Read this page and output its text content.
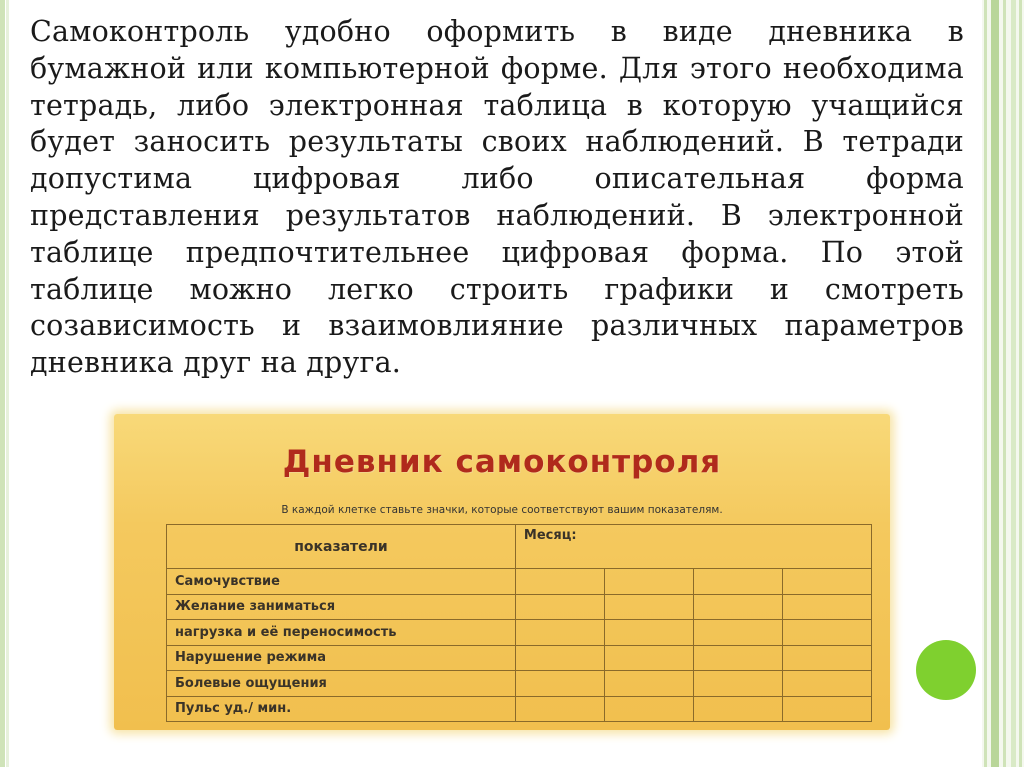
Самоконтроль удобно оформить в виде дневника в бумажной или компьютерной форме. Для этого необходима тетрадь, либо электронная таблица в которую учащийся будет заносить результаты своих наблюдений. В тетради допустима цифровая либо описательная форма представления результатов наблюдений. В электронной таблице предпочтительнее цифровая форма. По этой таблице можно легко строить графики и смотреть созависимость и взаимовлияние различных параметров дневника друг на друга.
Дневник самоконтроля
В каждой клетке ставьте значки, которые соответствуют вашим показателям.
показатели	Месяц:			
Самочувствие				
Желание заниматься				
нагрузка и её переносимость				
Нарушение режима				
Болевые ощущения				
Пульс уд./ мин.				
